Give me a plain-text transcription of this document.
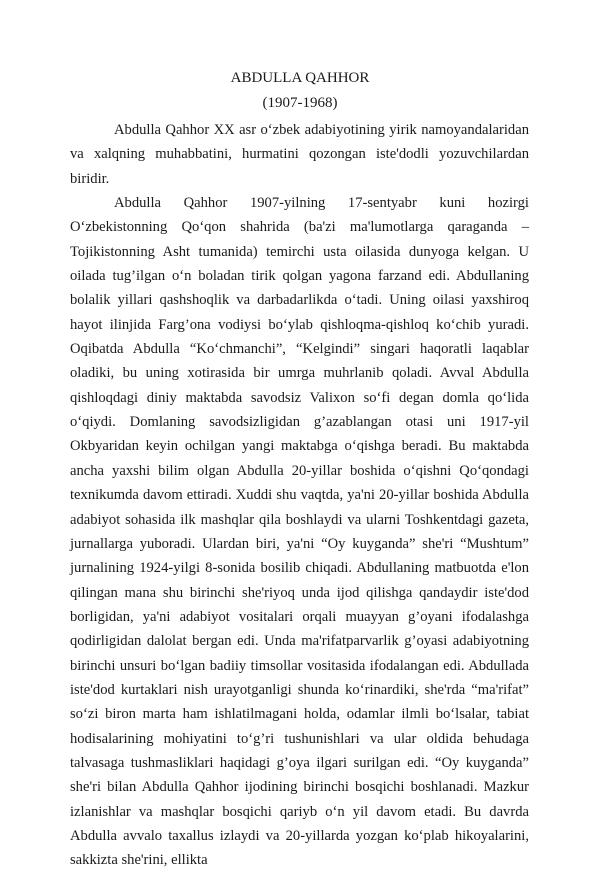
ABDULLA QAHHOR
(1907-1968)

Abdulla Qahhor XX asr o‘zbek adabiyotining yirik namoyandalaridan va xalqning muhabbatini, hurmatini qozongan iste'dodli yozuvchilardan biridir.

Abdulla Qahhor 1907-yilning 17-sentyabr kuni hozirgi O‘zbekistonning Qo‘qon shahrida (ba'zi ma'lumotlarga qaraganda – Tojikistonning Asht tumanida) temirchi usta oilasida dunyoga kelgan. U oilada tug’ilgan o‘n boladan tirik qolgan yagona farzand edi. Abdullaning bolalik yillari qashshoqlik va darbadarlikda o‘tadi. Uning oilasi yaxshiroq hayot ilinjida Farg’ona vodiysi bo‘ylab qishloqma-qishloq ko‘chib yuradi. Oqibatda Abdulla “Ko‘chmanchi”, “Kelgindi” singari haqoratli laqablar oladiki, bu uning xotirasida bir umrga muhrlanib qoladi. Avval Abdulla qishloqdagi diniy maktabda savodsiz Valixon so‘fi degan domla qo‘lida o‘qiydi. Domlaning savodsizligidan g’azablangan otasi uni 1917-yil Okbyaridan keyin ochilgan yangi maktabga o‘qishga beradi. Bu maktabda ancha yaxshi bilim olgan Abdulla 20-yillar boshida o‘qishni Qo‘qondagi texnikumda davom ettiradi. Xuddi shu vaqtda, ya'ni 20-yillar boshida Abdulla adabiyot sohasida ilk mashqlar qila boshlaydi va ularni Toshkentdagi gazeta, jurnallarga yuboradi. Ulardan biri, ya'ni “Oy kuyganda” she'ri “Mushtum” jurnalining 1924-yilgi 8-sonida bosilib chiqadi. Abdullaning matbuotda e'lon qilingan mana shu birinchi she'riyoq unda ijod qilishga qandaydir iste'dod borligidan, ya'ni adabiyot vositalari orqali muayyan g’oyani ifodalashga qodirligidan dalolat bergan edi. Unda ma'rifatparvarlik g’oyasi adabiyotning birinchi unsuri bo‘lgan badiiy timsollar vositasida ifodalangan edi. Abdullada iste'dod kurtaklari nish urayotganligi shunda ko‘rinardiki, she'rda “ma'rifat” so‘zi biron marta ham ishlatilmagani holda, odamlar ilmli bo‘lsalar, tabiat hodisalarining mohiyatini to‘g’ri tushunishlari va ular oldida behudaga talvasaga tushmasliklari haqidagi g’oya ilgari surilgan edi. “Oy kuyganda” she'ri bilan Abdulla Qahhor ijodining birinchi bosqichi boshlanadi. Mazkur izlanishlar va mashqlar bosqichi qariyb o‘n yil davom etadi. Bu davrda Abdulla avvalo taxallus izlaydi va 20-yillarda yozgan ko‘plab hikoyalarini, sakkizta she'rini, ellikta
